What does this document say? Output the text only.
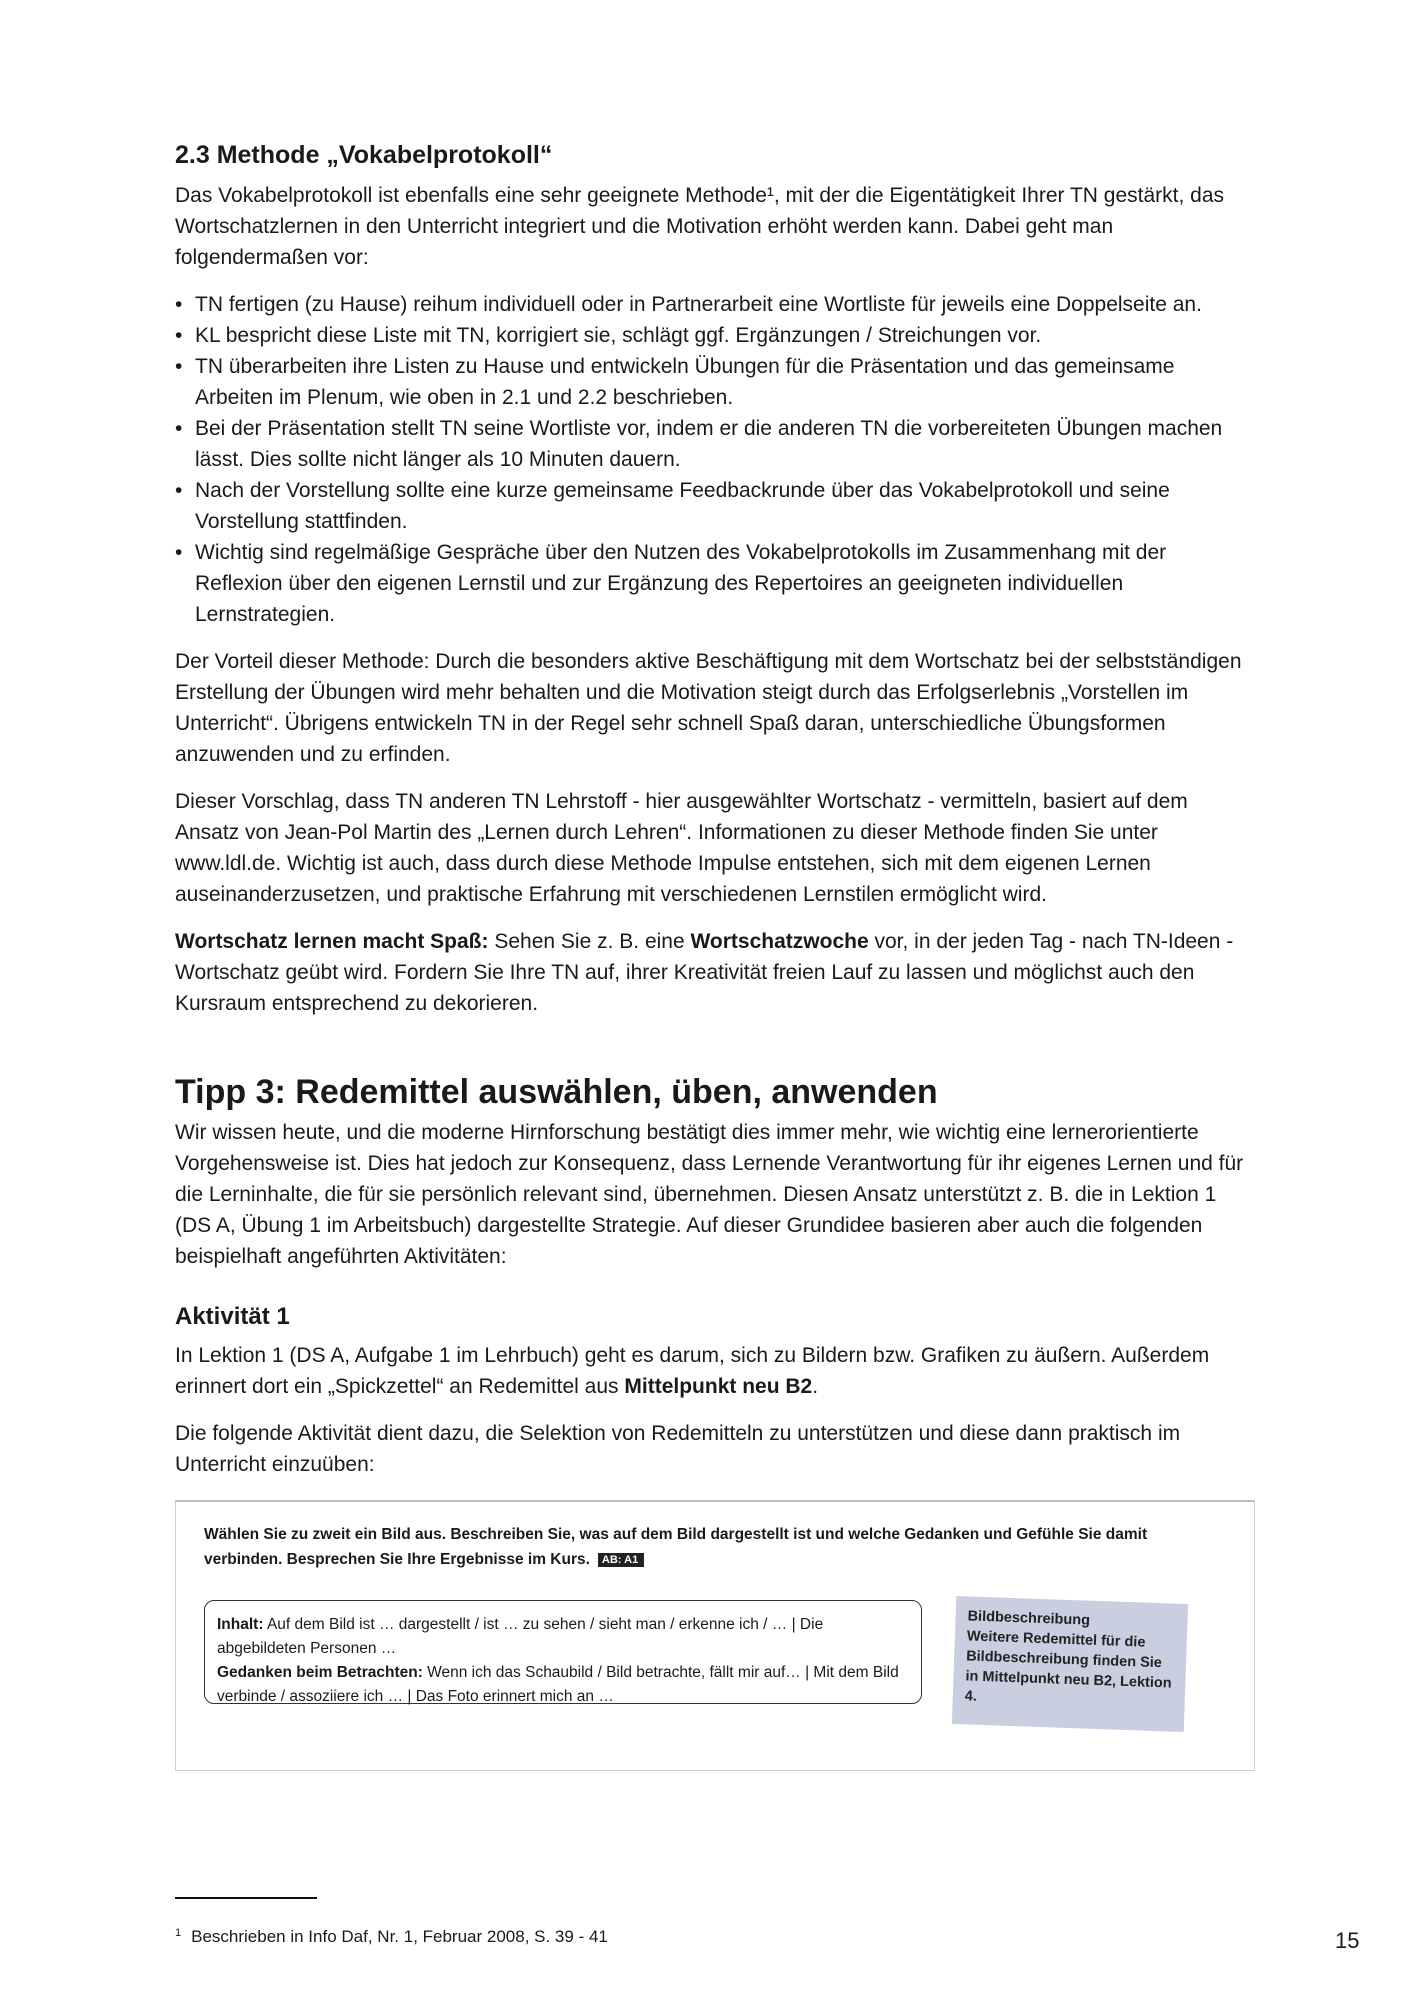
2.3 Methode „Vokabelprotokoll“

Das Vokabelprotokoll ist ebenfalls eine sehr geeignete Methode¹, mit der die Eigentätigkeit Ihrer TN gestärkt, das Wortschatzlernen in den Unterricht integriert und die Motivation erhöht werden kann. Dabei geht man folgendermaßen vor:

• TN fertigen (zu Hause) reihum individuell oder in Partnerarbeit eine Wortliste für jeweils eine Doppelseite an.
• KL bespricht diese Liste mit TN, korrigiert sie, schlägt ggf. Ergänzungen / Streichungen vor.
• TN überarbeiten ihre Listen zu Hause und entwickeln Übungen für die Präsentation und das gemeinsame Arbeiten im Plenum, wie oben in 2.1 und 2.2 beschrieben.
• Bei der Präsentation stellt TN seine Wortliste vor, indem er die anderen TN die vorbereiteten Übungen machen lässt. Dies sollte nicht länger als 10 Minuten dauern.
• Nach der Vorstellung sollte eine kurze gemeinsame Feedbackrunde über das Vokabelprotokoll und seine Vorstellung stattfinden.
• Wichtig sind regelmäßige Gespräche über den Nutzen des Vokabelprotokolls im Zusammenhang mit der Reflexion über den eigenen Lernstil und zur Ergänzung des Repertoires an geeigneten individuellen Lernstrategien.

Der Vorteil dieser Methode: Durch die besonders aktive Beschäftigung mit dem Wortschatz bei der selbstständigen Erstellung der Übungen wird mehr behalten und die Motivation steigt durch das Erfolgserlebnis „Vorstellen im Unterricht“. Übrigens entwickeln TN in der Regel sehr schnell Spaß daran, unterschiedliche Übungsformen anzuwenden und zu erfinden.

Dieser Vorschlag, dass TN anderen TN Lehrstoff - hier ausgewählter Wortschatz - vermitteln, basiert auf dem Ansatz von Jean-Pol Martin des „Lernen durch Lehren“. Informationen zu dieser Methode finden Sie unter www.ldl.de. Wichtig ist auch, dass durch diese Methode Impulse entstehen, sich mit dem eigenen Lernen auseinanderzusetzen, und praktische Erfahrung mit verschiedenen Lernstilen ermöglicht wird.

Wortschatz lernen macht Spaß: Sehen Sie z. B. eine Wortschatzwoche vor, in der jeden Tag - nach TN-Ideen - Wortschatz geübt wird. Fordern Sie Ihre TN auf, ihrer Kreativität freien Lauf zu lassen und möglichst auch den Kursraum entsprechend zu dekorieren.

Tipp 3: Redemittel auswählen, üben, anwenden

Wir wissen heute, und die moderne Hirnforschung bestätigt dies immer mehr, wie wichtig eine lernerorientierte Vorgehensweise ist. Dies hat jedoch zur Konsequenz, dass Lernende Verantwortung für ihr eigenes Lernen und für die Lerninhalte, die für sie persönlich relevant sind, übernehmen. Diesen Ansatz unterstützt z. B. die in Lektion 1 (DS A, Übung 1 im Arbeitsbuch) dargestellte Strategie. Auf dieser Grundidee basieren aber auch die folgenden beispielhaft angeführten Aktivitäten:

Aktivität 1

In Lektion 1 (DS A, Aufgabe 1 im Lehrbuch) geht es darum, sich zu Bildern bzw. Grafiken zu äußern. Außerdem erinnert dort ein „Spickzettel“ an Redemittel aus Mittelpunkt neu B2.

Die folgende Aktivität dient dazu, die Selektion von Redemitteln zu unterstützen und diese dann praktisch im Unterricht einzuüben:

Wählen Sie zu zweit ein Bild aus. Beschreiben Sie, was auf dem Bild dargestellt ist und welche Gedanken und Gefühle Sie damit verbinden. Besprechen Sie Ihre Ergebnisse im Kurs. AB: A1
Inhalt: Auf dem Bild ist … dargestellt / ist … zu sehen / sieht man / erkenne ich / … | Die abgebildeten Personen …
Gedanken beim Betrachten: Wenn ich das Schaubild / Bild betrachte, fällt mir auf… | Mit dem Bild verbinde / assoziiere ich … | Das Foto erinnert mich an …
Bildbeschreibung
Weitere Redemittel für die Bildbeschreibung finden Sie in Mittelpunkt neu B2, Lektion 4.
$^1$ Beschrieben in Info Daf, Nr. 1, Februar 2008, S. 39 - 41	15
